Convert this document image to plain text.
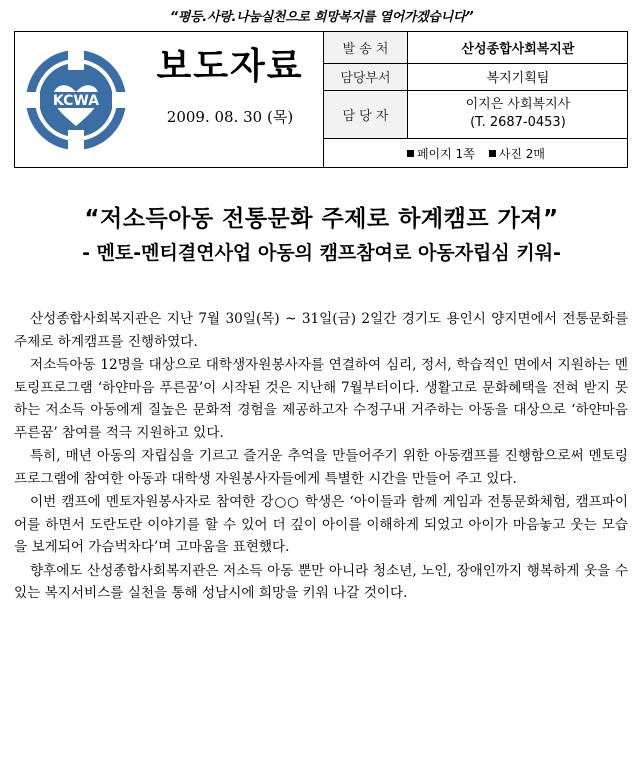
“평등.사랑.나눔실천으로 희망복지를 열어가겠습니다”
KCWA
보도자료
2009. 08. 30 (목)
발 송 처	산성종합사회복지관
담당부서	복지기획팀
담 당 자	이지은 사회복지사
(T. 2687-0453)
페이지 1쪽	사진 2매
“저소득아동 전통문화 주제로 하계캠프 가져”
- 멘토-멘티결연사업 아동의 캠프참여로 아동자립심 키워-

산성종합사회복지관은 지난 7월 30일(목) ~ 31일(금) 2일간 경기도 용인시 양지면에서 전통문화를 주제로 하계캠프를 진행하였다.

저소득아동 12명을 대상으로 대학생자원봉사자를 연결하여 심리, 정서, 학습적인 면에서 지원하는 멘토링프로그램 ‘하얀마음 푸른꿈’이 시작된 것은 지난해 7월부터이다. 생활고로 문화혜택을 전혀 받지 못하는 저소득 아동에게 질높은 문화적 경험을 제공하고자 수정구내 거주하는 아동을 대상으로 ‘하얀마음 푸른꿈’ 참여를 적극 지원하고 있다.

특히, 매년 아동의 자립심을 기르고 즐거운 추억을 만들어주기 위한 아동캠프를 진행함으로써 멘토링프로그램에 참여한 아동과 대학생 자원봉사자들에게 특별한 시간을 만들어 주고 있다.

이번 캠프에 멘토자원봉사자로 참여한 강○○ 학생은 ‘아이들과 함께 게임과 전통문화체험, 캠프파이어를 하면서 도란도란 이야기를 할 수 있어 더 깊이 아이를 이해하게 되었고 아이가 마음놓고 웃는 모습을 보게되어 가슴벅차다’며 고마움을 표현했다.

향후에도 산성종합사회복지관은 저소득 아동 뿐만 아니라 청소년, 노인, 장애인까지 행복하게 웃을 수 있는 복지서비스를 실천을 통해 성남시에 희망을 키워 나갈 것이다.
